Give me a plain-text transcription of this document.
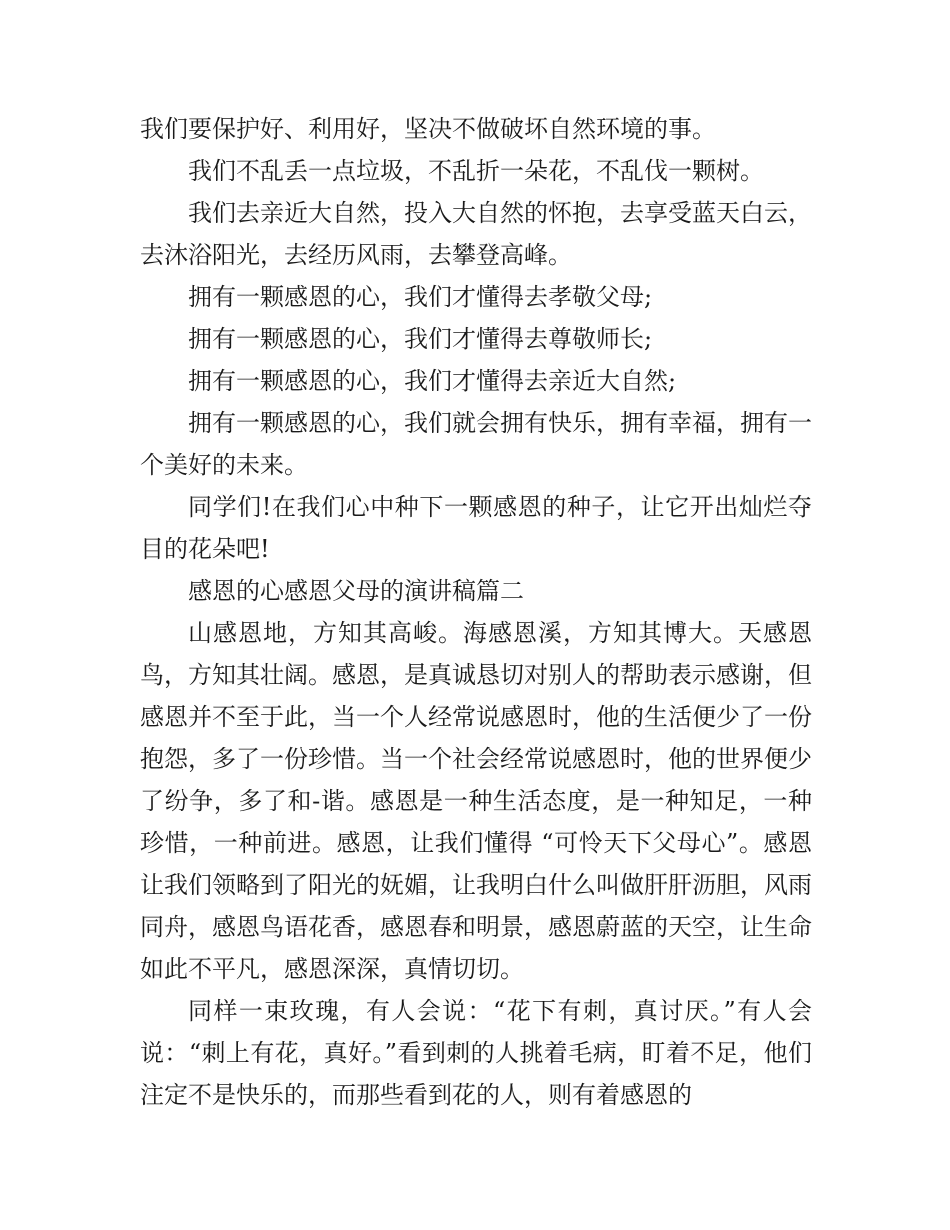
我们要保护好、利用好，坚决不做破坏自然环境的事。

我们不乱丢一点垃圾，不乱折一朵花，不乱伐一颗树。

我们去亲近大自然，投入大自然的怀抱，去享受蓝天白云，去沐浴阳光，去经历风雨，去攀登高峰。

拥有一颗感恩的心，我们才懂得去孝敬父母;

拥有一颗感恩的心，我们才懂得去尊敬师长;

拥有一颗感恩的心，我们才懂得去亲近大自然;

拥有一颗感恩的心，我们就会拥有快乐，拥有幸福，拥有一个美好的未来。

同学们!在我们心中种下一颗感恩的种子，让它开出灿烂夺目的花朵吧!

感恩的心感恩父母的演讲稿篇二

山感恩地，方知其高峻。海感恩溪，方知其博大。天感恩鸟，方知其壮阔。感恩，是真诚恳切对别人的帮助表示感谢，但感恩并不至于此，当一个人经常说感恩时，他的生活便少了一份抱怨，多了一份珍惜。当一个社会经常说感恩时，他的世界便少了纷争，多了和-谐。感恩是一种生活态度，是一种知足，一种珍惜，一种前进。感恩，让我们懂得 “可怜天下父母心”。感恩让我们领略到了阳光的妩媚，让我明白什么叫做肝肝沥胆，风雨同舟，感恩鸟语花香，感恩春和明景，感恩蔚蓝的天空，让生命如此不平凡，感恩深深，真情切切。

同样一束玫瑰，有人会说：“花下有刺，真讨厌。”有人会说：“刺上有花，真好。”看到刺的人挑着毛病，盯着不足，他们注定不是快乐的，而那些看到花的人，则有着感恩的
